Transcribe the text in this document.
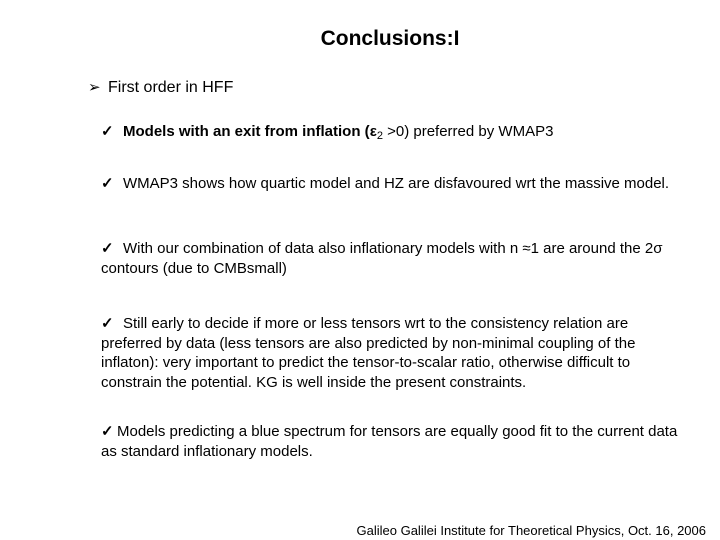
Conclusions:I
➢ First order in HFF
✓ Models with an exit from inflation $(\varepsilon_2 >0)$ preferred by WMAP3
✓ WMAP3 shows how quartic model and HZ are disfavoured wrt the massive model.
✓ With our combination of data also inflationary models with n ≈1 are around the 2σ contours (due to CMBsmall)
✓ Still early to decide if more or less tensors wrt to the consistency relation are preferred by data (less tensors are also predicted by non-minimal coupling of the inflaton): very important to predict the tensor-to-scalar ratio, otherwise difficult to constrain the potential. KG is well inside the present constraints.
✓ Models predicting a blue spectrum for tensors are equally good fit to the current data as standard inflationary models.
Galileo Galilei Institute for Theoretical Physics, Oct. 16, 2006
